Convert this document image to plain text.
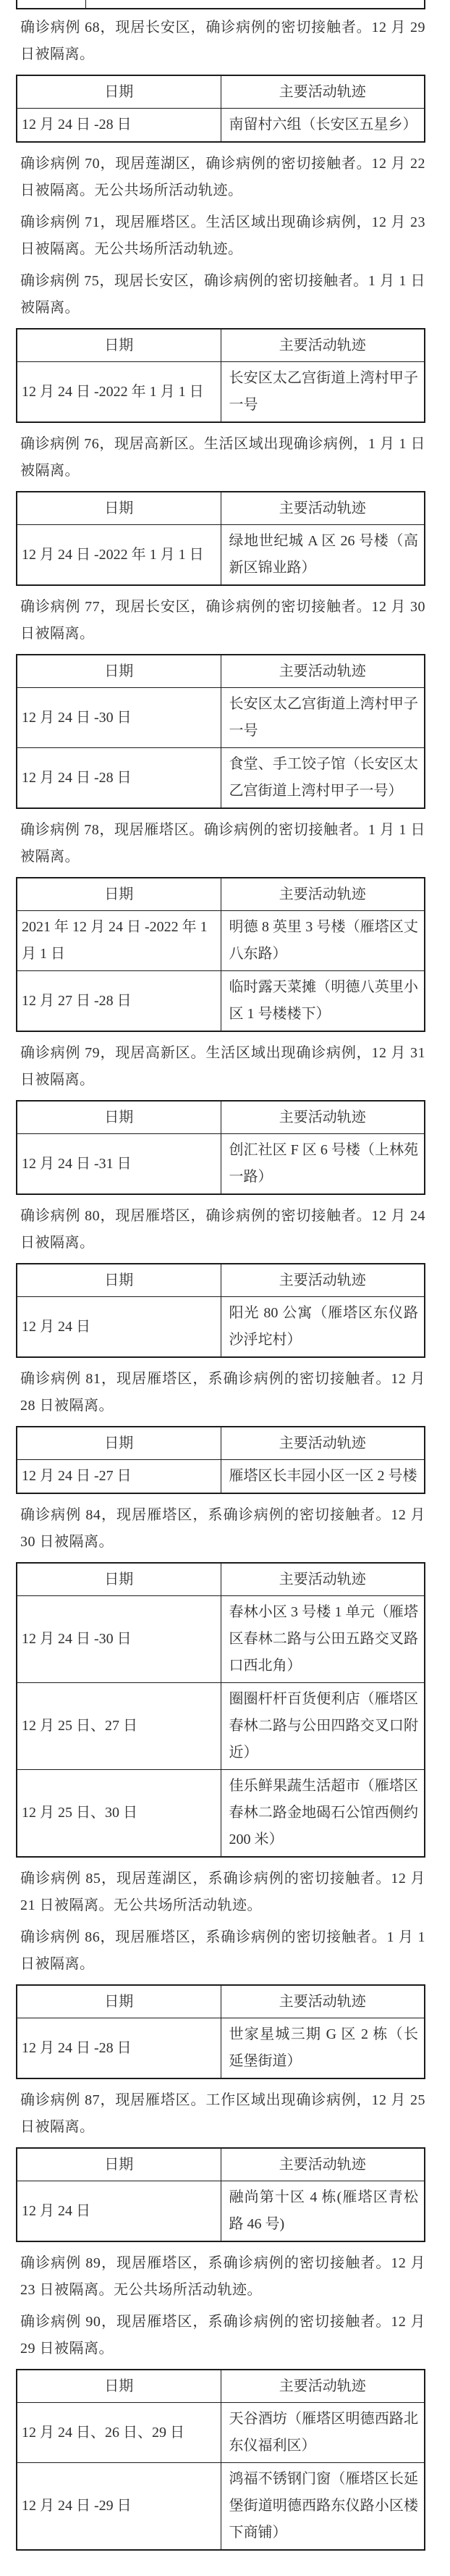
确诊病例 68，现居长安区，确诊病例的密切接触者。12 月 29 日被隔离。

日期	主要活动轨迹
12 月 24 日 -28 日	南留村六组（长安区五星乡）

确诊病例 70，现居莲湖区，确诊病例的密切接触者。12 月 22 日被隔离。无公共场所活动轨迹。

确诊病例 71，现居雁塔区。生活区域出现确诊病例，12 月 23 日被隔离。无公共场所活动轨迹。

确诊病例 75，现居长安区，确诊病例的密切接触者。1 月 1 日被隔离。

日期	主要活动轨迹
12 月 24 日 -2022 年 1 月 1 日	长安区太乙宫街道上湾村甲子一号

确诊病例 76，现居高新区。生活区域出现确诊病例，1 月 1 日被隔离。

日期	主要活动轨迹
12 月 24 日 -2022 年 1 月 1 日	绿地世纪城 A 区 26 号楼（高新区锦业路）

确诊病例 77，现居长安区，确诊病例的密切接触者。12 月 30 日被隔离。

日期	主要活动轨迹
12 月 24 日 -30 日	长安区太乙宫街道上湾村甲子一号
12 月 24 日 -28 日	食堂、手工饺子馆（长安区太乙宫街道上湾村甲子一号）

确诊病例 78，现居雁塔区。确诊病例的密切接触者。1 月 1 日被隔离。

日期	主要活动轨迹
2021 年 12 月 24 日 -2022 年 1 月 1 日	明德 8 英里 3 号楼（雁塔区丈八东路）
12 月 27 日 -28 日	临时露天菜摊（明德八英里小区 1 号楼楼下）

确诊病例 79，现居高新区。生活区域出现确诊病例，12 月 31 日被隔离。

日期	主要活动轨迹
12 月 24 日 -31 日	创汇社区 F 区 6 号楼（上林苑一路）

确诊病例 80，现居雁塔区，确诊病例的密切接触者。12 月 24 日被隔离。

日期	主要活动轨迹
12 月 24 日	阳光 80 公寓（雁塔区东仪路沙泘坨村）

确诊病例 81，现居雁塔区，系确诊病例的密切接触者。12 月 28 日被隔离。

日期	主要活动轨迹
12 月 24 日 -27 日	雁塔区长丰园小区一区 2 号楼

确诊病例 84，现居雁塔区，系确诊病例的密切接触者。12 月 30 日被隔离。

日期	主要活动轨迹
12 月 24 日 -30 日	春林小区 3 号楼 1 单元（雁塔区春林二路与公田五路交叉路口西北角）
12 月 25 日、27 日	圈圈杆杆百货便利店（雁塔区春林二路与公田四路交叉口附近）
12 月 25 日、30 日	佳乐鲜果蔬生活超市（雁塔区春林二路金地碣石公馆西侧约 200 米）

确诊病例 85，现居莲湖区，系确诊病例的密切接触者。12 月 21 日被隔离。无公共场所活动轨迹。

确诊病例 86，现居雁塔区，系确诊病例的密切接触者。1 月 1 日被隔离。

日期	主要活动轨迹
12 月 24 日 -28 日	世家星城三期 G 区 2 栋（长延堡街道）

确诊病例 87，现居雁塔区。工作区域出现确诊病例，12 月 25 日被隔离。

日期	主要活动轨迹
12 月 24 日	融尚第十区 4 栋(雁塔区青松路 46 号)

确诊病例 89，现居雁塔区，系确诊病例的密切接触者。12 月 23 日被隔离。无公共场所活动轨迹。

确诊病例 90，现居雁塔区，系确诊病例的密切接触者。12 月 29 日被隔离。

日期	主要活动轨迹
12 月 24 日、26 日、29 日	天谷酒坊（雁塔区明德西路北东仪福利区）
12 月 24 日 -29 日	鸿福不锈钢门窗（雁塔区长延堡街道明德西路东仪路小区楼下商铺）
